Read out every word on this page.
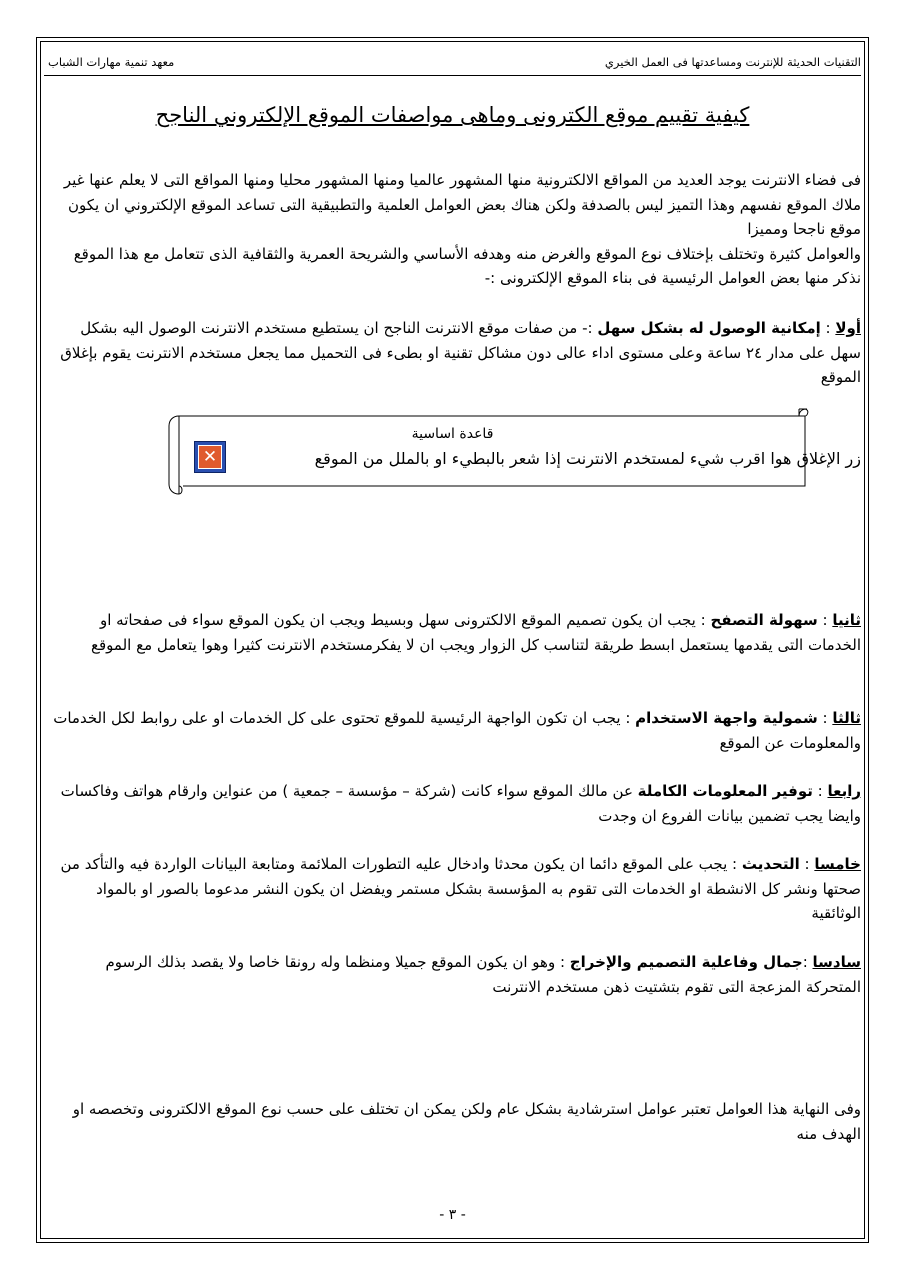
التقنيات الحديثة للإنترنت ومساعدتها فى العمل الخيري
معهد تنمية مهارات الشباب
كيفية تقييم موقع الكترونى وماهى مواصفات الموقع الإلكتروني الناجح
فى فضاء الانترنت يوجد العديد من المواقع الالكترونية منها المشهور عالميا ومنها المشهور محليا ومنها المواقع التى لا يعلم عنها غير ملاك الموقع نفسهم وهذا التميز ليس بالصدفة ولكن هناك بعض العوامل العلمية والتطبيقية التى تساعد الموقع الإلكتروني ان يكون موقع ناجحا ومميزا
والعوامل كثيرة وتختلف بإختلاف نوع الموقع والغرض منه وهدفه الأساسي والشريحة العمرية والثقافية الذى تتعامل مع هذا الموقع نذكر منها بعض العوامل الرئيسية فى بناء الموقع الإلكترونى :-
أولا : إمكانية الوصول له بشكل سهل :- من صفات موقع الانترنت الناجح ان يستطيع مستخدم الانترنت الوصول اليه بشكل سهل على مدار ٢٤ ساعة وعلى مستوى اداء عالى دون مشاكل تقنية او بطىء فى التحميل مما يجعل مستخدم الانترنت يقوم بإغلاق الموقع
قاعدة اساسية
زر الإغلاق هوا اقرب شيء لمستخدم الانترنت إذا شعر بالبطيء او بالملل من الموقع
✕
ثانيا : سهولة التصفح : يجب ان يكون تصميم الموقع الالكترونى سهل وبسيط ويجب ان يكون الموقع سواء فى صفحاته او الخدمات التى يقدمها يستعمل ابسط طريقة لتناسب كل الزوار ويجب ان لا يفكرمستخدم الانترنت كثيرا وهوا يتعامل مع الموقع
ثالثا : شمولية واجهة الاستخدام : يجب ان تكون الواجهة الرئيسية للموقع تحتوى على كل الخدمات او على روابط لكل الخدمات والمعلومات عن الموقع
رابعا : توفير المعلومات الكاملة عن مالك الموقع سواء كانت (شركة – مؤسسة – جمعية ) من عنواين وارقام هواتف وفاكسات وايضا يجب تضمين بيانات الفروع ان وجدت
خامسا : التحديث : يجب على الموقع دائما ان يكون محدثا وادخال عليه التطورات الملائمة ومتابعة البيانات الواردة فيه والتأكد من صحتها ونشر كل الانشطة او الخدمات التى تقوم به المؤسسة بشكل مستمر ويفضل ان يكون النشر مدعوما بالصور او بالمواد الوثائقية
سادسا :جمال وفاعلية التصميم والإخراج : وهو ان يكون الموقع جميلا ومنظما وله رونقا خاصا ولا يقصد بذلك الرسوم المتحركة المزعجة التى تقوم بتشتيت ذهن مستخدم الانترنت
وفى النهاية هذا العوامل تعتبر عوامل استرشادية بشكل عام ولكن يمكن ان تختلف على حسب نوع الموقع الالكترونى وتخصصه او الهدف منه
- ٣ -
